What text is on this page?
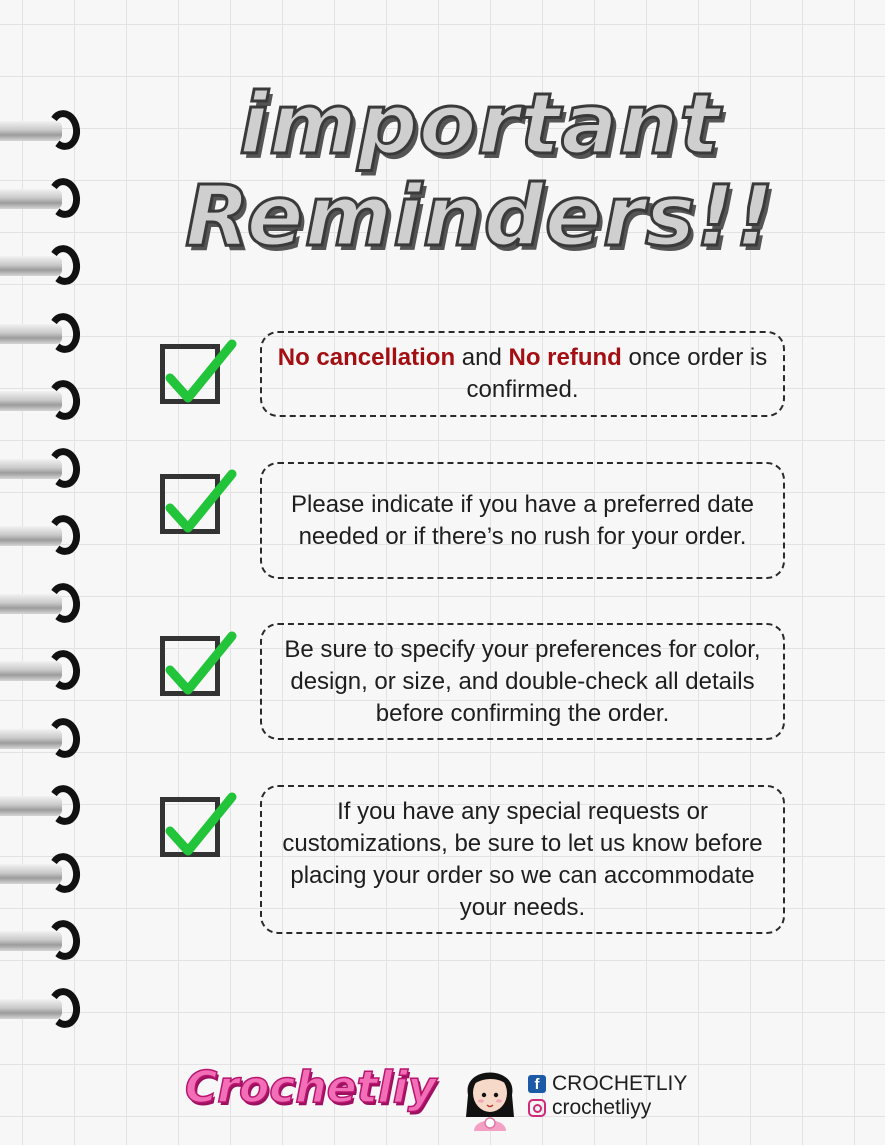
important
Reminders!!
No cancellation and No refund once order is confirmed.
Please indicate if you have a preferred date needed or if there’s no rush for your order.
Be sure to specify your preferences for color, design, or size, and double-check all details before confirming the order.
If you have any special requests or customizations, be sure to let us know before placing your order so we can accommodate your needs.
Crochetliy	f CROCHETLIY
crochetliyy
